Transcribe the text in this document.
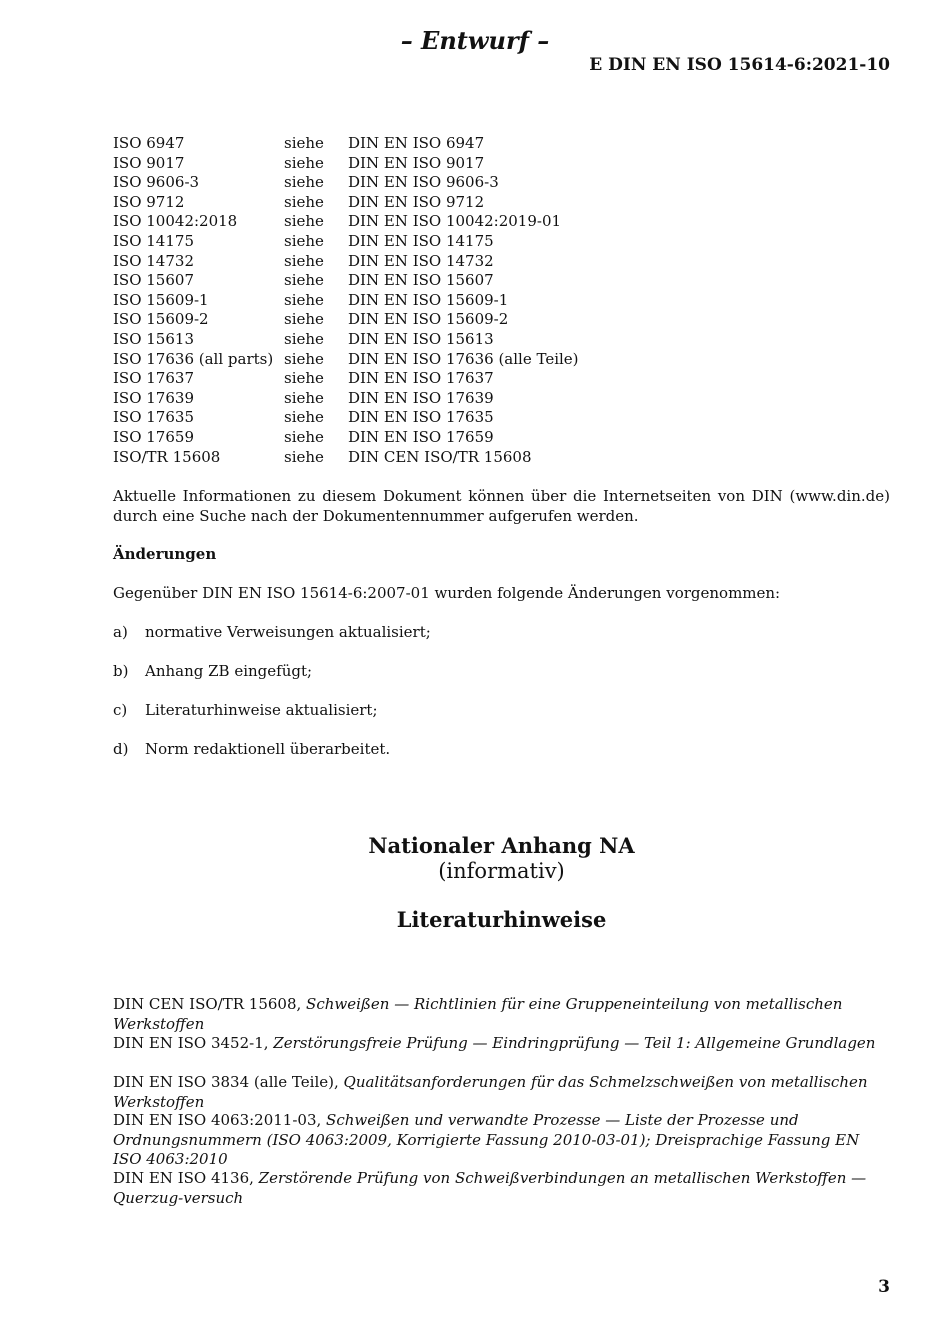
– Entwurf –
E DIN EN ISO 15614-6:2021-10
ISO 6947	siehe DIN EN ISO 6947
ISO 9017	siehe DIN EN ISO 9017
ISO 9606-3	siehe DIN EN ISO 9606-3
ISO 9712	siehe DIN EN ISO 9712
ISO 10042:2018	siehe DIN EN ISO 10042:2019-01
ISO 14175	siehe DIN EN ISO 14175
ISO 14732	siehe DIN EN ISO 14732
ISO 15607	siehe DIN EN ISO 15607
ISO 15609-1	siehe DIN EN ISO 15609-1
ISO 15609-2	siehe DIN EN ISO 15609-2
ISO 15613	siehe DIN EN ISO 15613
ISO 17636 (all parts) siehe DIN EN ISO 17636 (alle Teile)
ISO 17637	siehe DIN EN ISO 17637
ISO 17639	siehe DIN EN ISO 17639
ISO 17635	siehe DIN EN ISO 17635
ISO 17659	siehe DIN EN ISO 17659
ISO/TR 15608	siehe DIN CEN ISO/TR 15608
Aktuelle Informationen zu diesem Dokument können über die Internetseiten von DIN (www.din.de) durch eine Suche nach der Dokumentennummer aufgerufen werden.
Änderungen
Gegenüber DIN EN ISO 15614-6:2007-01 wurden folgende Änderungen vorgenommen:
a) normative Verweisungen aktualisiert;
b) Anhang ZB eingefügt;
c) Literaturhinweise aktualisiert;
d) Norm redaktionell überarbeitet.
Nationaler Anhang NA
(informativ)
Literaturhinweise
DIN CEN ISO/TR 15608, Schweißen — Richtlinien für eine Gruppeneinteilung von metallischen Werkstoffen
DIN EN ISO 3452-1, Zerstörungsfreie Prüfung — Eindringprüfung — Teil 1: Allgemeine Grundlagen
DIN EN ISO 3834 (alle Teile), Qualitätsanforderungen für das Schmelzschweißen von metallischen Werkstoffen
DIN EN ISO 4063:2011-03, Schweißen und verwandte Prozesse — Liste der Prozesse und Ordnungsnummern (ISO 4063:2009, Korrigierte Fassung 2010-03-01); Dreisprachige Fassung EN ISO 4063:2010
DIN EN ISO 4136, Zerstörende Prüfung von Schweißverbindungen an metallischen Werkstoffen — Querzug-versuch
3
